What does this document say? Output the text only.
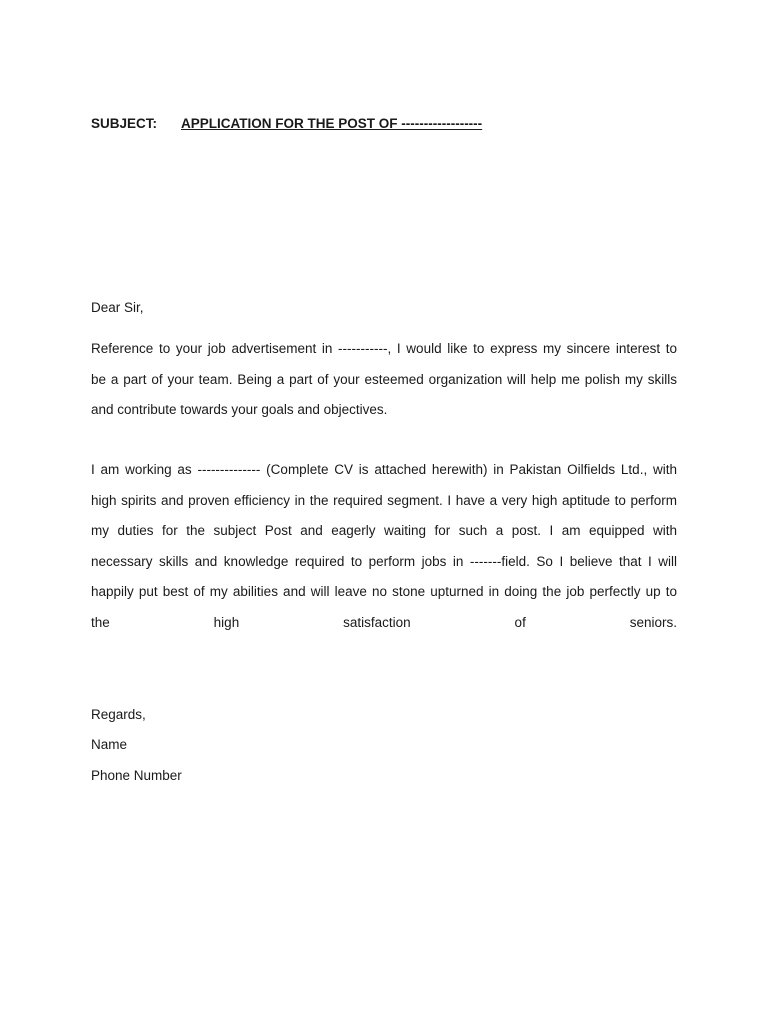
SUBJECT: APPLICATION FOR THE POST OF ------------------
Dear Sir,

Reference to your job advertisement in -----------, I would like to express my sincere interest to

be a part of your team. Being a part of your esteemed organization will help me polish my skills

and contribute towards your goals and objectives.

I am working as -------------- (Complete CV is attached herewith) in Pakistan Oilfields Ltd., with

high spirits and proven efficiency in the required segment. I have a very high aptitude to perform

my duties for the subject Post and eagerly waiting for such a post. I am equipped with

necessary skills and knowledge required to perform jobs in -------field. So I believe that I will

happily put best of my abilities and will leave no stone upturned in doing the job perfectly up to

the high satisfaction of seniors.

Regards,
Name
Phone Number
